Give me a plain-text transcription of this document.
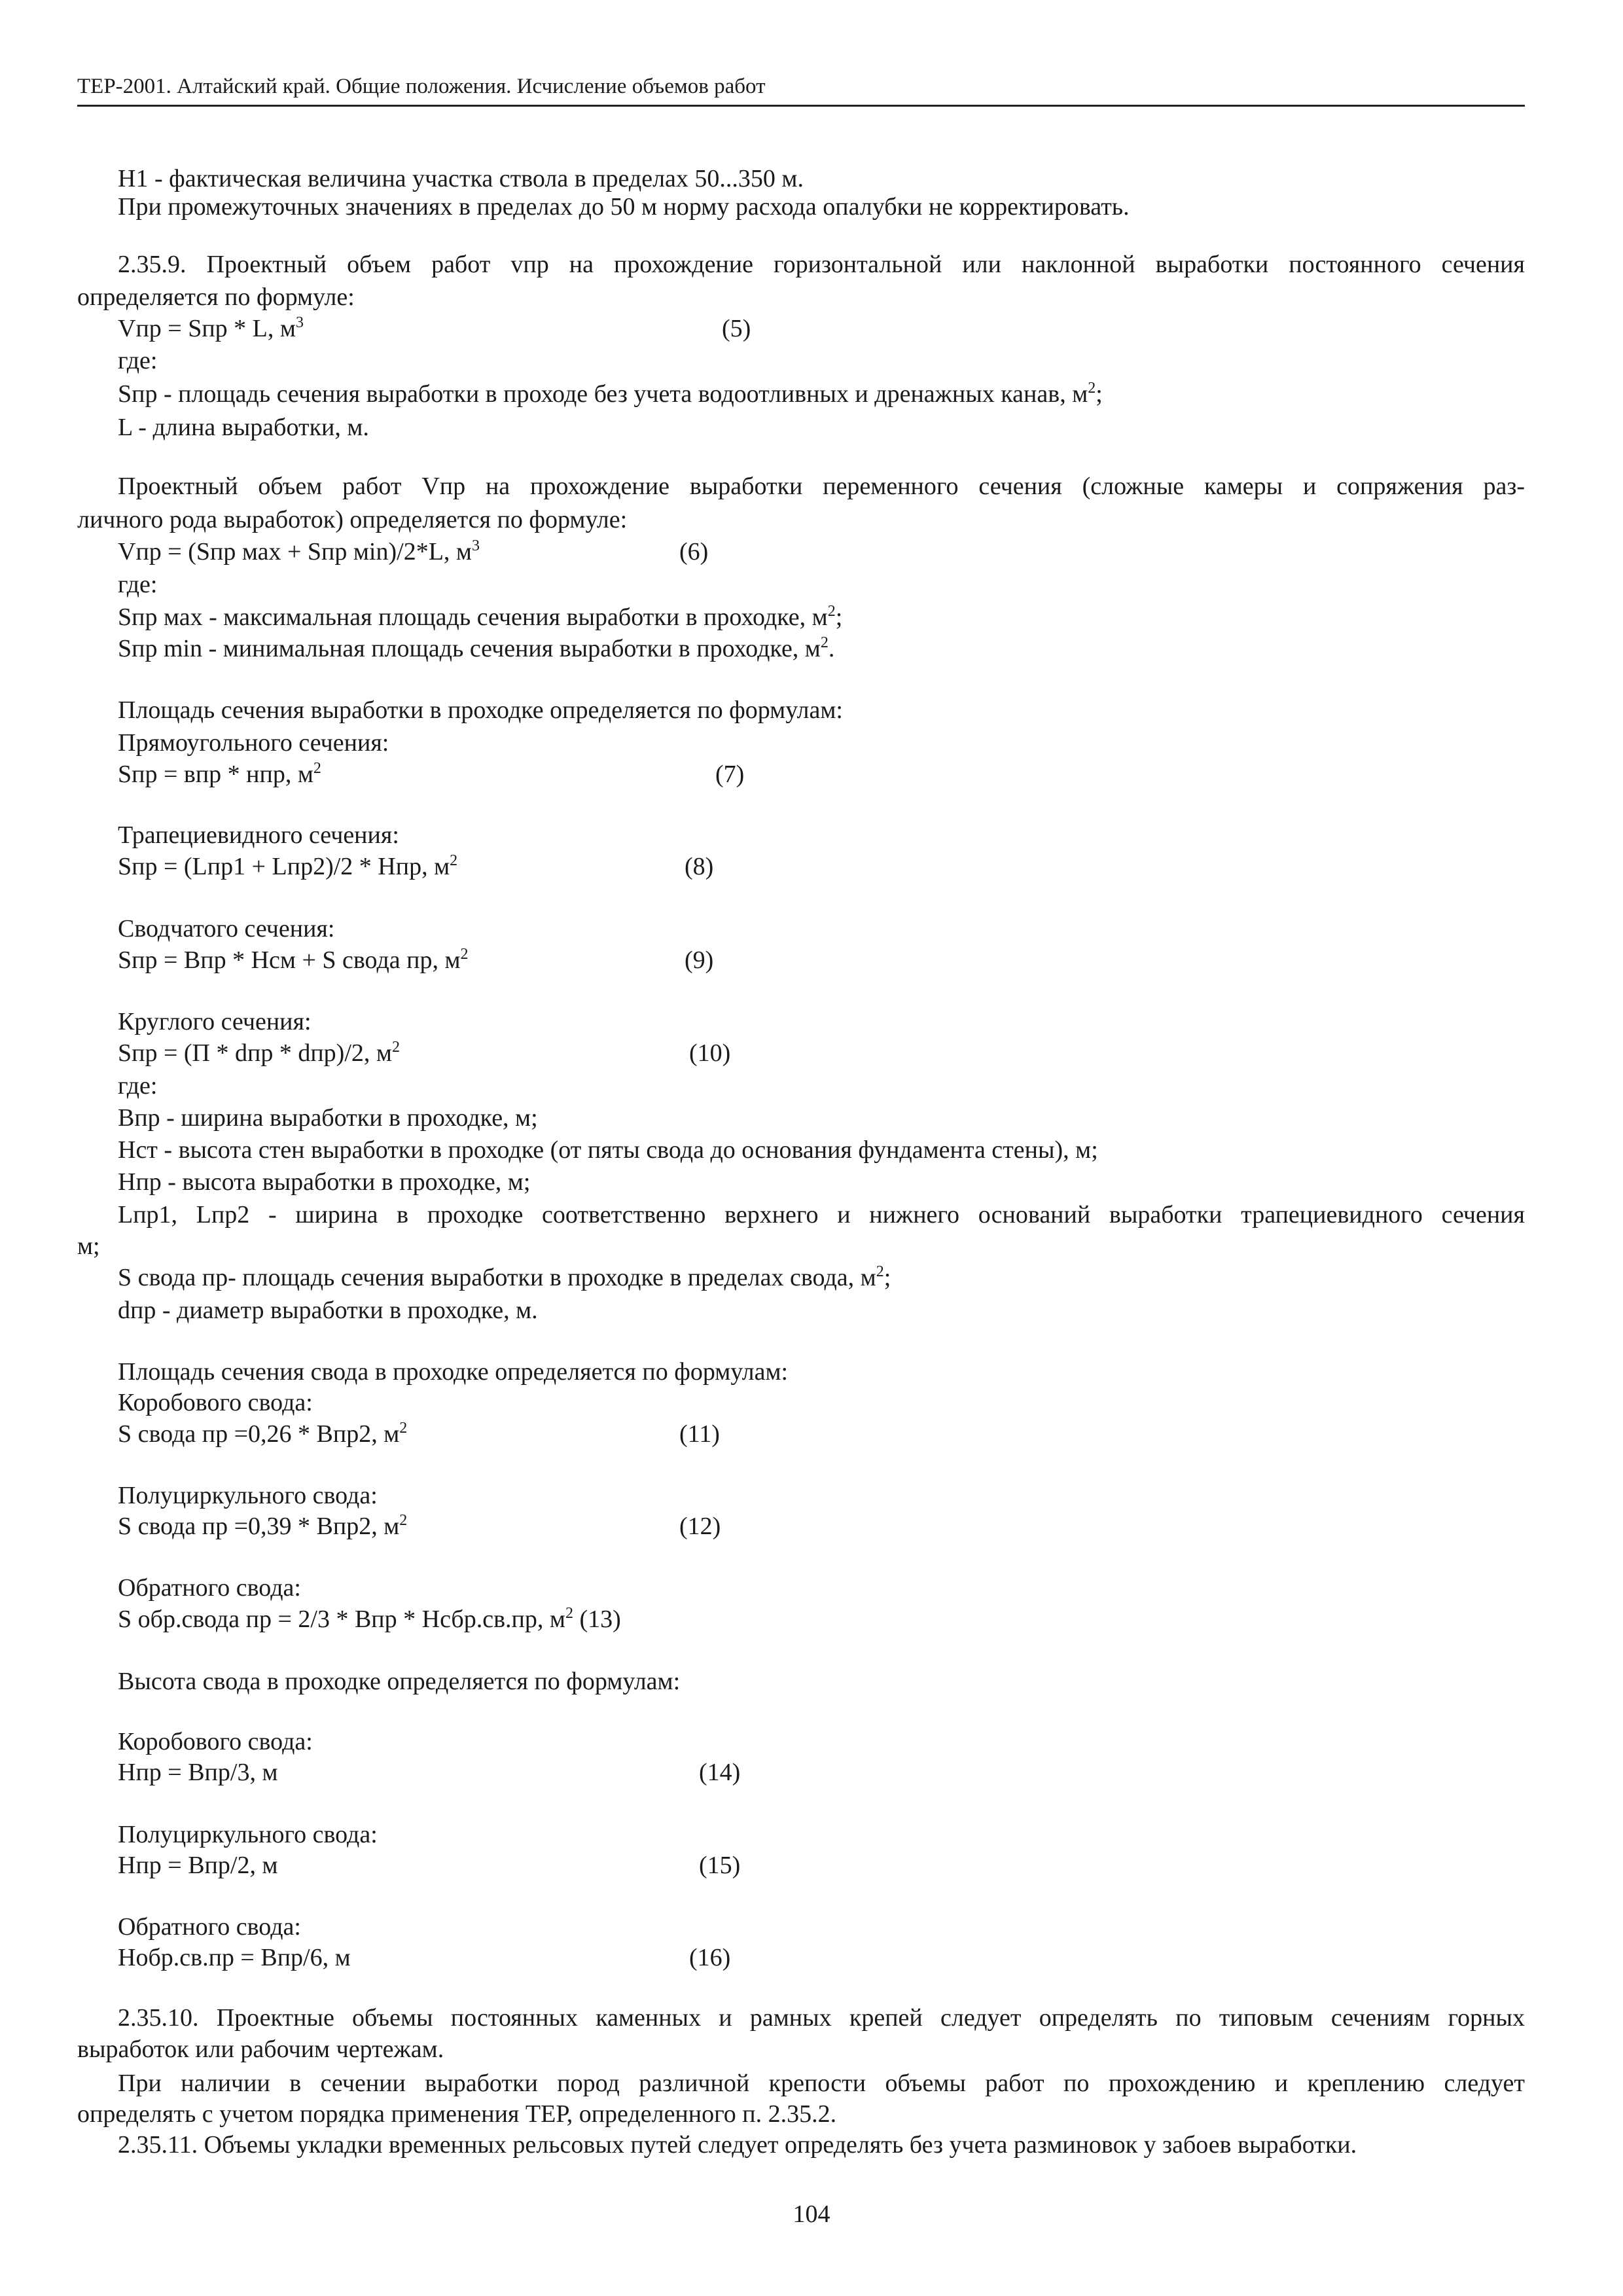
ТЕР-2001. Алтайский край. Общие положения. Исчисление объемов работ
Н1 - фактическая величина участка ствола в пределах 50...350 м.
При промежуточных значениях в пределах до 50 м норму расхода опалубки не корректировать.
2.35.9. Проектный объем работ vпр на прохождение горизонтальной или наклонной выработки постоянного сечения
определяется по формуле:
Vпр = Sпр * L, $м^3$	(5)
где:
Sпр - площадь сечения выработки в проходе без учета водоотливных и дренажных канав, $м^2$;
L - длина выработки, м.
Проектный объем работ Vпр на прохождение выработки переменного сечения (сложные камеры и сопряжения раз-
личного рода выработок) определяется по формуле:
Vпр = (Sпр мах + Sпр мin)/2*L, $м^3$	(6)
где:
Sпр мах - максимальная площадь сечения выработки в проходке, $м^2$;
Sпр min - минимальная площадь сечения выработки в проходке, $м^2$.
Площадь сечения выработки в проходке определяется по формулам:
Прямоугольного сечения:
Sпр = впр * нпр, $м^2$	(7)
Трапециевидного сечения:
Sпр = (Lпр1 + Lпр2)/2 * Нпр, $м^2$	(8)
Сводчатого сечения:
Sпр = Впр * Нсм + S свода пр, $м^2$	(9)
Круглого сечения:
Sпр = (П * dпр * dпр)/2, $м^2$	(10)
где:
Впр - ширина выработки в проходке, м;
Нст - высота стен выработки в проходке (от пяты свода до основания фундамента стены), м;
Нпр - высота выработки в проходке, м;
Lпр1, Lпр2 - ширина в проходке соответственно верхнего и нижнего оснований выработки трапециевидного сечения
м;
S свода пр- площадь сечения выработки в проходке в пределах свода, $м^2$;
dпр - диаметр выработки в проходке, м.
Площадь сечения свода в проходке определяется по формулам:
Коробового свода:
S свода пр =0,26 * Впр2, $м^2$	(11)
Полуциркульного свода:
S свода пр =0,39 * Впр2, $м^2$	(12)
Обратного свода:
S обр.свода пр = 2/3 * Впр * Нсбр.св.пр, $м^2$ (13)
Высота свода в проходке определяется по формулам:
Коробового свода:
Нпр = Впр/3, м	(14)
Полуциркульного свода:
Нпр = Впр/2, м	(15)
Обратного свода:
Нобр.св.пр = Впр/6, м	(16)
2.35.10. Проектные объемы постоянных каменных и рамных крепей следует определять по типовым сечениям горных
выработок или рабочим чертежам.
При наличии в сечении выработки пород различной крепости объемы работ по прохождению и креплению следует
определять с учетом порядка применения ТЕР, определенного п. 2.35.2.
2.35.11. Объемы укладки временных рельсовых путей следует определять без учета разминовок у забоев выработки.
104
